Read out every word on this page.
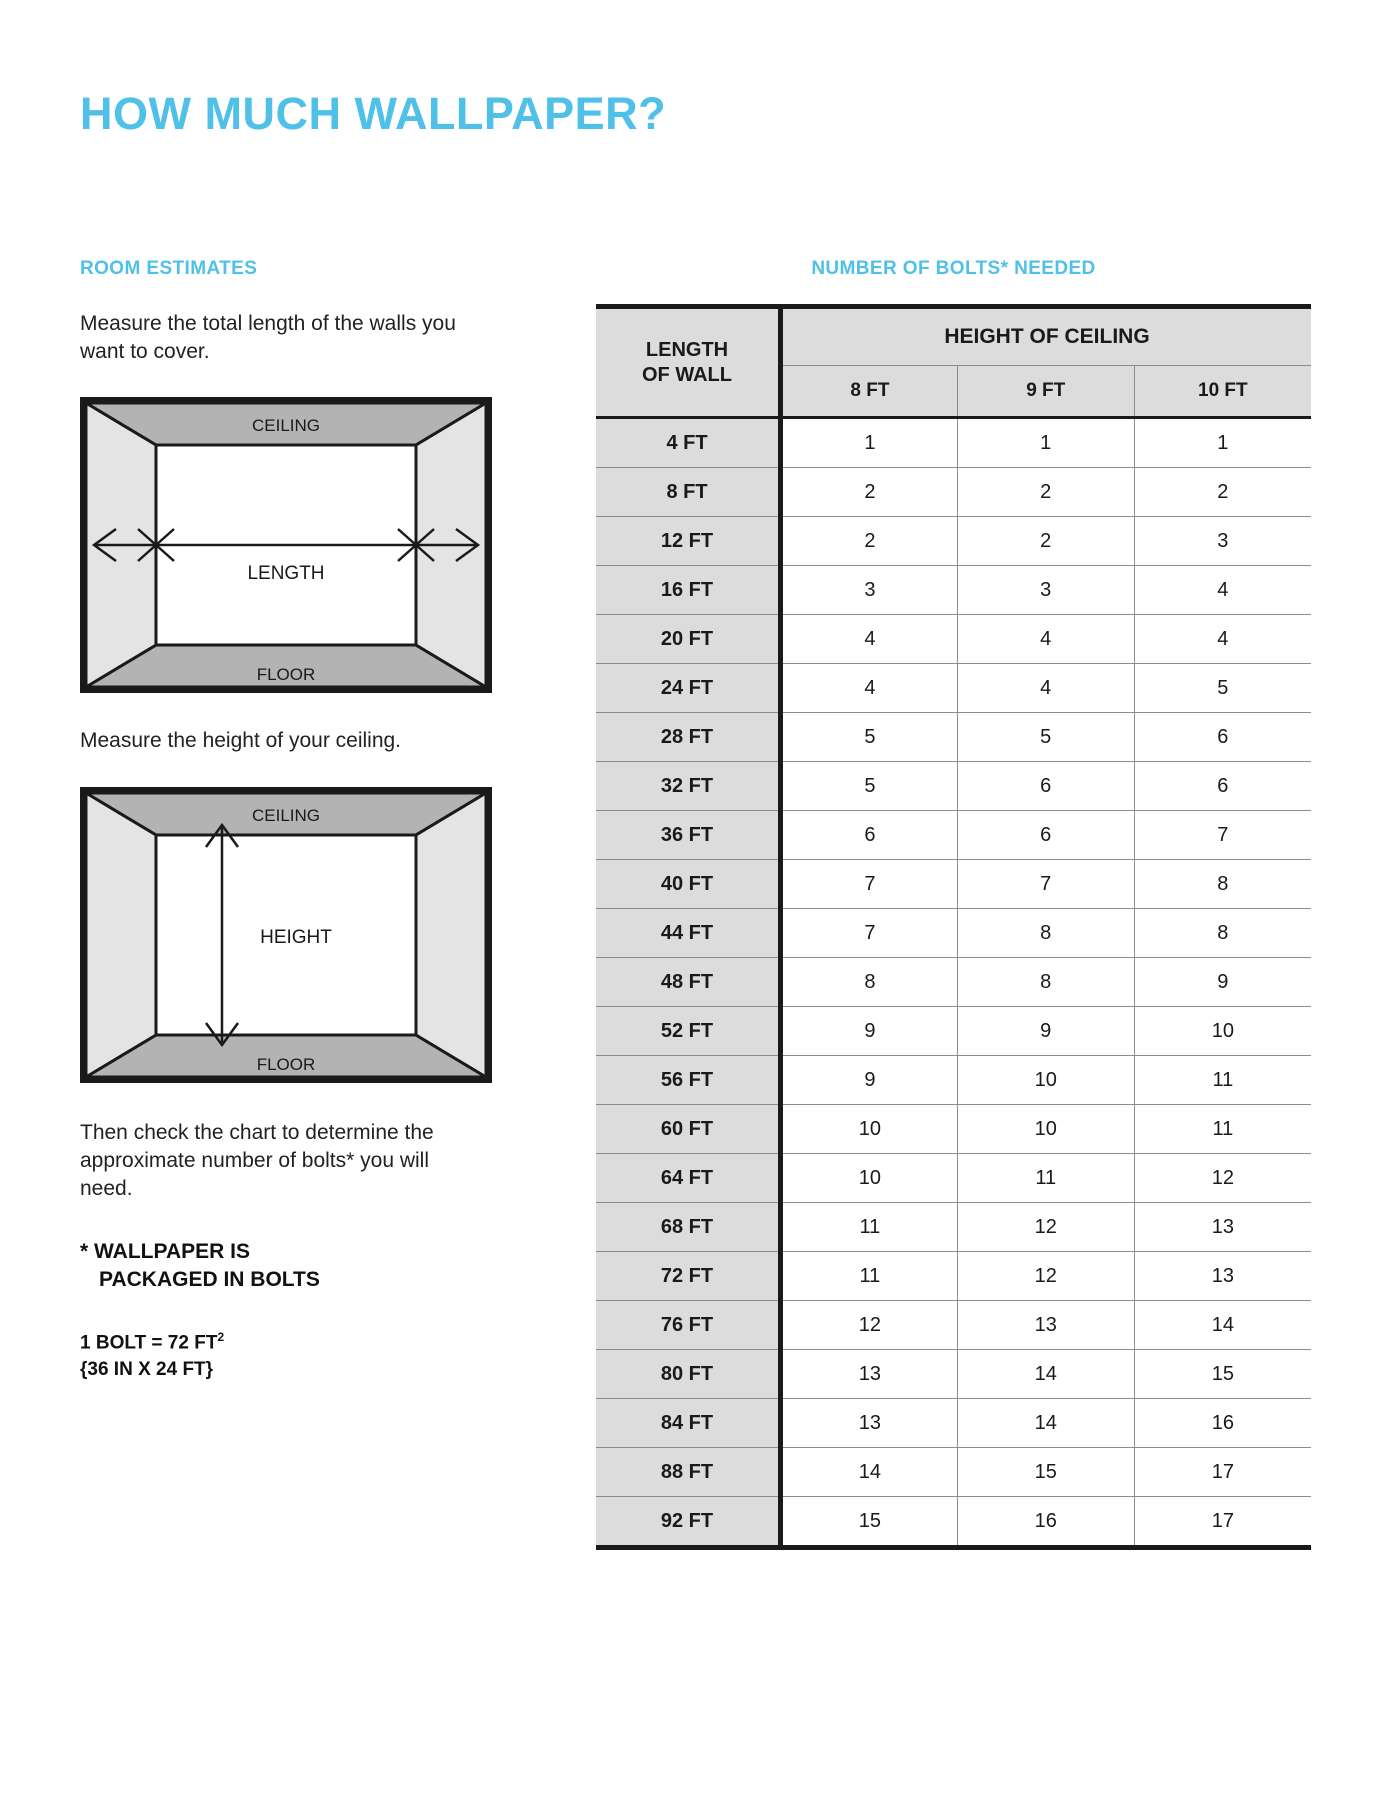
HOW MUCH WALLPAPER?
ROOM ESTIMATES

Measure the total length of the walls you want to cover.

LENGTH
CEILING
FLOOR

Measure the height of your ceiling.

HEIGHT
CEILING
FLOOR

Then check the chart to determine the approximate number of bolts* you will need.

* WALLPAPER IS

PACKAGED IN BOLTS

1 BOLT = 72 $FT^2$
{36 IN X 24 FT}
NUMBER OF BOLTS* NEEDED
LENGTH
OF WALL	HEIGHT OF CEILING		
	8 FT	9 FT	10 FT
4 FT	1	1	1
8 FT	2	2	2
12 FT	2	2	3
16 FT	3	3	4
20 FT	4	4	4
24 FT	4	4	5
28 FT	5	5	6
32 FT	5	6	6
36 FT	6	6	7
40 FT	7	7	8
44 FT	7	8	8
48 FT	8	8	9
52 FT	9	9	10
56 FT	9	10	11
60 FT	10	10	11
64 FT	10	11	12
68 FT	11	12	13
72 FT	11	12	13
76 FT	12	13	14
80 FT	13	14	15
84 FT	13	14	16
88 FT	14	15	17
92 FT	15	16	17
